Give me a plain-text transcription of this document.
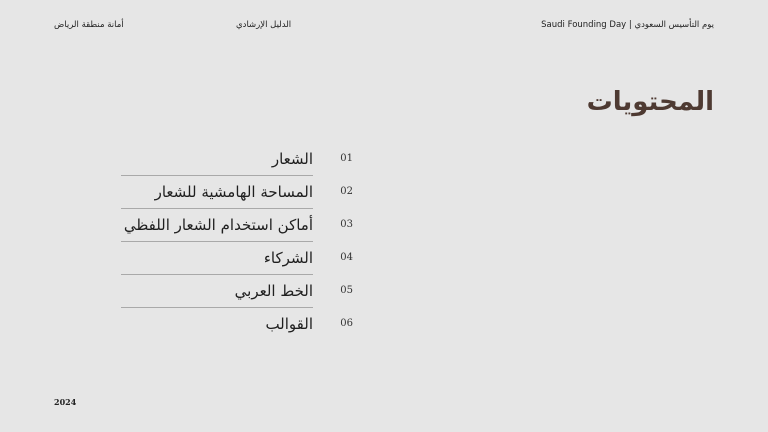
أمانة منطقة الرياض	الدليل الإرشادي	يوم التأسيس السعودي | Saudi Founding Day
المحتويات
الشعار	01
المساحة الهامشية للشعار	02
أماكن استخدام الشعار اللفظي	03
الشركاء	04
الخط العربي	05
القوالب	06
2024
